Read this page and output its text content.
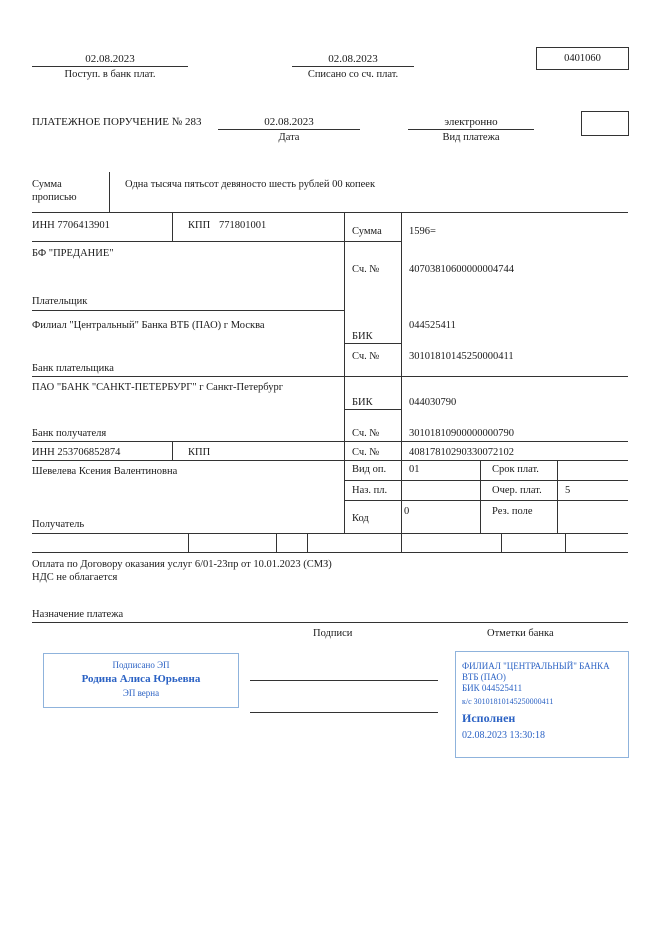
02.08.2023
Поступ. в банк плат.
02.08.2023
Списано со сч. плат.
0401060
ПЛАТЕЖНОЕ ПОРУЧЕНИЕ № 283	02.08.2023
Дата
электронно
Вид платежа
Сумма
прописью
Одна тысяча пятьсот девяносто шесть рублей 00 копеек
ИНН 7706413901	КПП 771801001
Сумма	1596=
БФ "ПРЕДАНИЕ"
Плательщик
Сч. №	40703810600000004744
Филиал "Центральный" Банка ВТБ (ПАО) г Москва
Банк плательщика
БИК
044525411
Сч. №	30101810145250000411
ПАО "БАНК "САНКТ-ПЕТЕРБУРГ" г Санкт-Петербург
Банк получателя
БИК	044030790
Сч. №	30101810900000000790
ИНН 253706852874	КПП	Сч. №	40817810290330072102
Шевелева Ксения Валентиновна
Получатель
Вид оп. 01	Срок плат.
Наз. пл.	Очер. плат. 5
Код
0	Рез. поле
Оплата по Договору оказания услуг 6/01-23пр от 10.01.2023 (СМЗ)
НДС не облагается
Назначение платежа
Подписи	Отметки банка
Подписано ЭП
Родина Алиса Юрьевна
ЭП верна
ФИЛИАЛ "ЦЕНТРАЛЬНЫЙ" БАНКА
ВТБ (ПАО)
БИК 044525411
к/с 30101810145250000411
Исполнен
02.08.2023 13:30:18
